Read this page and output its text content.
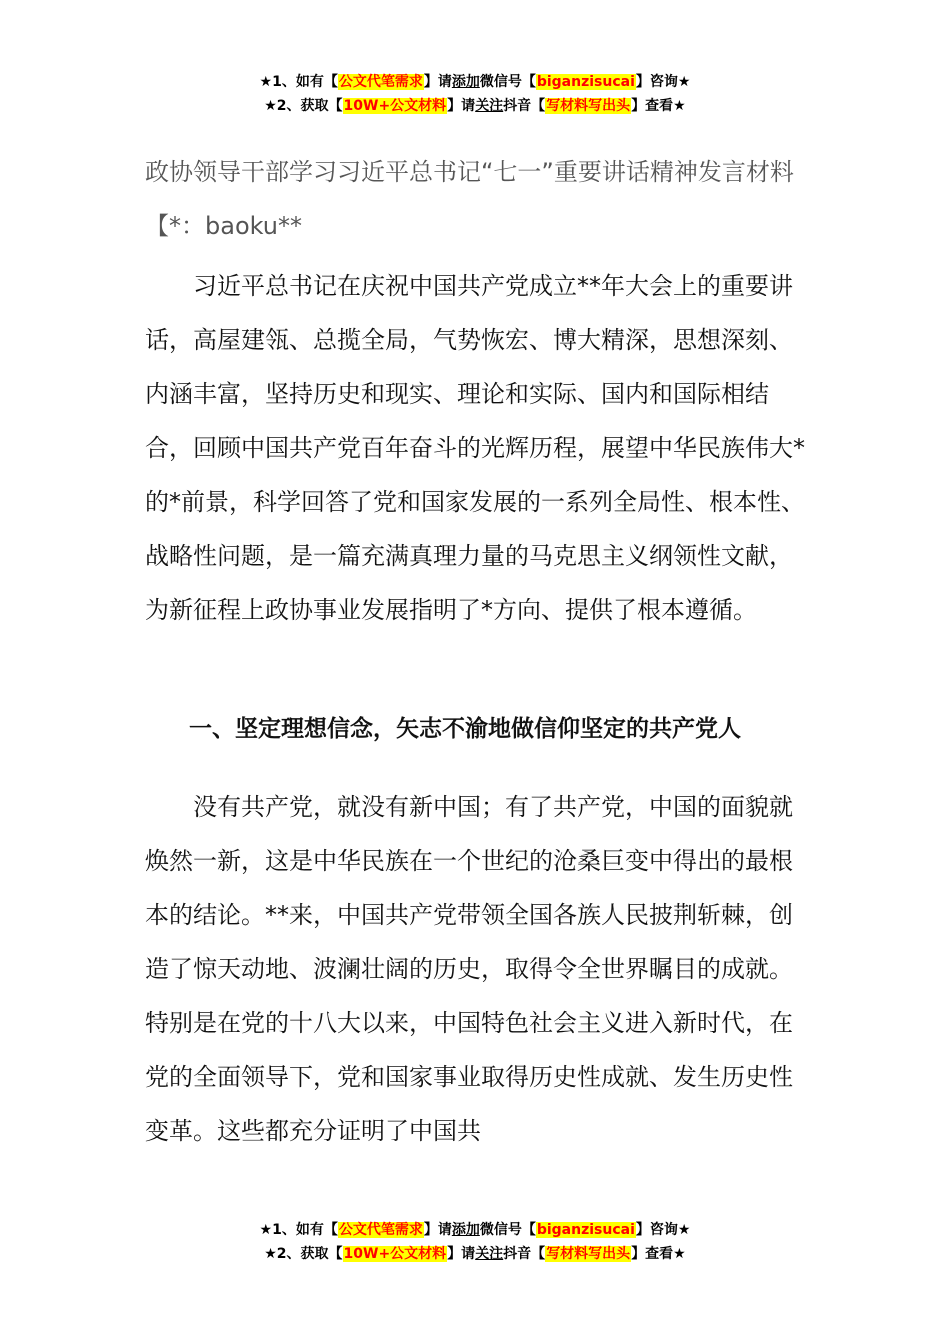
★1、如有【公文代笔需求】请添加微信号【biganzisucai】咨询★
★2、获取【10W+公文材料】请关注抖音【写材料写出头】查看★
政协领导干部学习习近平总书记“七一”重要讲话精神发言材料【*：baoku**

习近平总书记在庆祝中国共产党成立**年大会上的重要讲话，高屋建瓴、总揽全局，气势恢宏、博大精深，思想深刻、内涵丰富，坚持历史和现实、理论和实际、国内和国际相结合，回顾中国共产党百年奋斗的光辉历程，展望中华民族伟大*的*前景，科学回答了党和国家发展的一系列全局性、根本性、战略性问题，是一篇充满真理力量的马克思主义纲领性文献，为新征程上政协事业发展指明了*方向、提供了根本遵循。

一、坚定理想信念，矢志不渝地做信仰坚定的共产党人

没有共产党，就没有新中国；有了共产党，中国的面貌就焕然一新，这是中华民族在一个世纪的沧桑巨变中得出的最根本的结论。**来，中国共产党带领全国各族人民披荆斩棘，创造了惊天动地、波澜壮阔的历史，取得令全世界瞩目的成就。特别是在党的十八大以来，中国特色社会主义进入新时代，在党的全面领导下，党和国家事业取得历史性成就、发生历史性变革。这些都充分证明了中国共

★1、如有【公文代笔需求】请添加微信号【biganzisucai】咨询★
★2、获取【10W+公文材料】请关注抖音【写材料写出头】查看★
